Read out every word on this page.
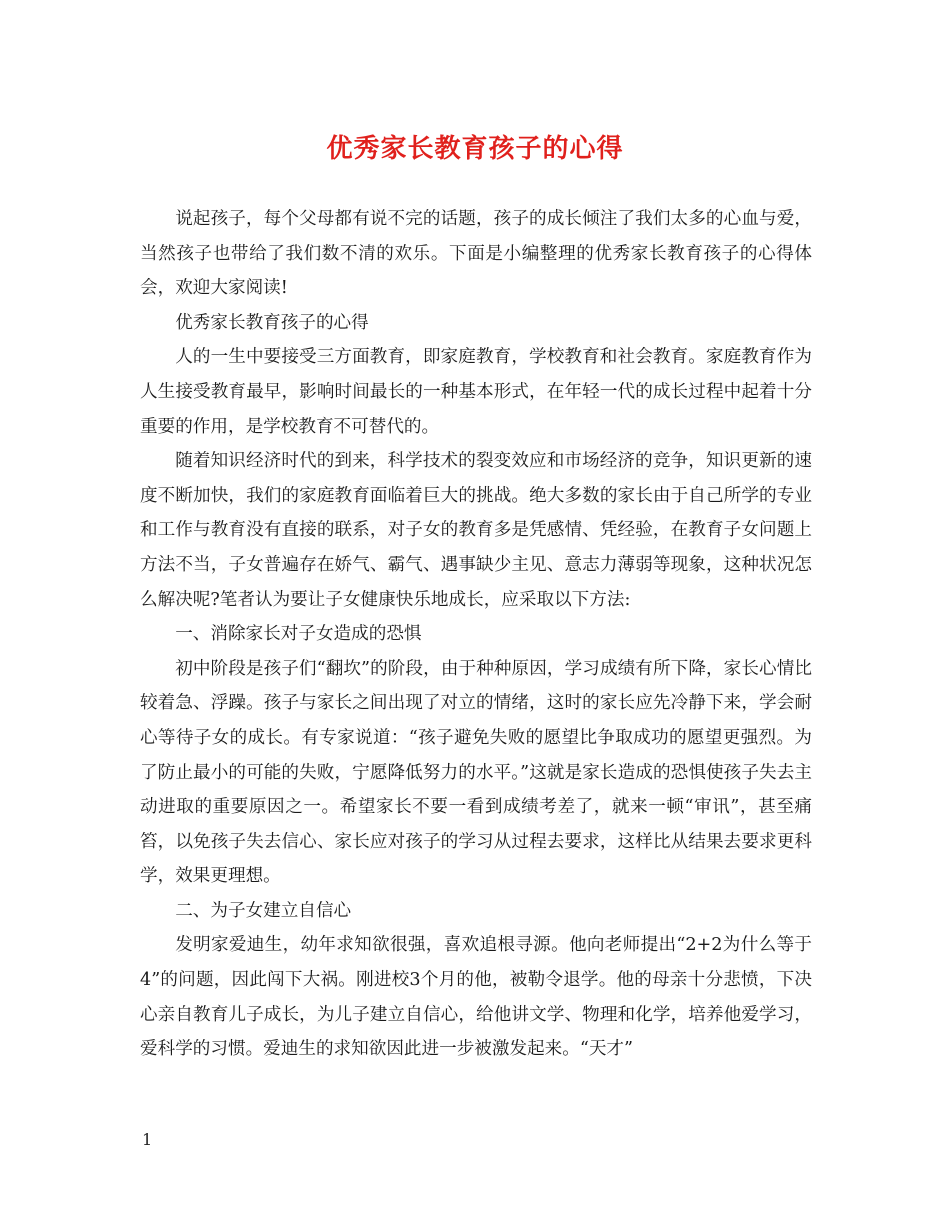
优秀家长教育孩子的心得

说起孩子，每个父母都有说不完的话题，孩子的成长倾注了我们太多的心血与爱，当然孩子也带给了我们数不清的欢乐。下面是小编整理的优秀家长教育孩子的心得体会，欢迎大家阅读!

优秀家长教育孩子的心得

人的一生中要接受三方面教育，即家庭教育，学校教育和社会教育。家庭教育作为人生接受教育最早，影响时间最长的一种基本形式，在年轻一代的成长过程中起着十分重要的作用，是学校教育不可替代的。

随着知识经济时代的到来，科学技术的裂变效应和市场经济的竞争，知识更新的速度不断加快，我们的家庭教育面临着巨大的挑战。绝大多数的家长由于自己所学的专业和工作与教育没有直接的联系，对子女的教育多是凭感情、凭经验，在教育子女问题上方法不当，子女普遍存在娇气、霸气、遇事缺少主见、意志力薄弱等现象，这种状况怎么解决呢?笔者认为要让子女健康快乐地成长，应采取以下方法:

一、消除家长对子女造成的恐惧

初中阶段是孩子们“翻坎”的阶段，由于种种原因，学习成绩有所下降，家长心情比较着急、浮躁。孩子与家长之间出现了对立的情绪，这时的家长应先冷静下来，学会耐心等待子女的成长。有专家说道：“孩子避免失败的愿望比争取成功的愿望更强烈。为了防止最小的可能的失败，宁愿降低努力的水平。”这就是家长造成的恐惧使孩子失去主动进取的重要原因之一。希望家长不要一看到成绩考差了，就来一顿“审讯”，甚至痛笞，以免孩子失去信心、家长应对孩子的学习从过程去要求，这样比从结果去要求更科学，效果更理想。

二、为子女建立自信心

发明家爱迪生，幼年求知欲很强，喜欢追根寻源。他向老师提出“2+2为什么等于4”的问题，因此闯下大祸。刚进校3个月的他，被勒令退学。他的母亲十分悲愤，下决心亲自教育儿子成长，为儿子建立自信心，给他讲文学、物理和化学，培养他爱学习，爱科学的习惯。爱迪生的求知欲因此进一步被激发起来。“天才”

1
